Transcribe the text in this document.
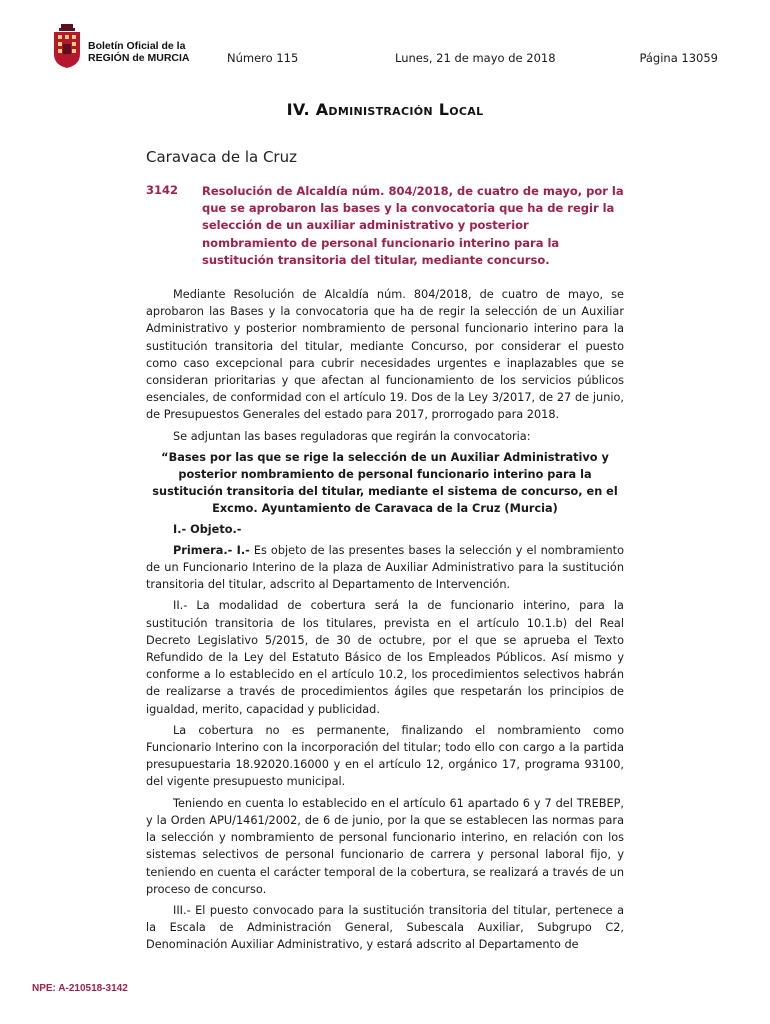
Boletín Oficial de la
REGIÓN de MURCIA	Número 115	Lunes, 21 de mayo de 2018	Página 13059
IV. Administración Local
Caravaca de la Cruz
3142 Resolución de Alcaldía núm. 804/2018, de cuatro de mayo, por la que se aprobaron las bases y la convocatoria que ha de regir la selección de un auxiliar administrativo y posterior nombramiento de personal funcionario interino para la sustitución transitoria del titular, mediante concurso.

Mediante Resolución de Alcaldía núm. 804/2018, de cuatro de mayo, se aprobaron las Bases y la convocatoria que ha de regir la selección de un Auxiliar Administrativo y posterior nombramiento de personal funcionario interino para la sustitución transitoria del titular, mediante Concurso, por considerar el puesto como caso excepcional para cubrir necesidades urgentes e inaplazables que se consideran prioritarias y que afectan al funcionamiento de los servicios públicos esenciales, de conformidad con el artículo 19. Dos de la Ley 3/2017, de 27 de junio, de Presupuestos Generales del estado para 2017, prorrogado para 2018.

Se adjuntan las bases reguladoras que regirán la convocatoria:

“Bases por las que se rige la selección de un Auxiliar Administrativo y posterior nombramiento de personal funcionario interino para la sustitución transitoria del titular, mediante el sistema de concurso, en el Excmo. Ayuntamiento de Caravaca de la Cruz (Murcia)

I.- Objeto.-

Primera.- I.- Es objeto de las presentes bases la selección y el nombramiento de un Funcionario Interino de la plaza de Auxiliar Administrativo para la sustitución transitoria del titular, adscrito al Departamento de Intervención.

II.- La modalidad de cobertura será la de funcionario interino, para la sustitución transitoria de los titulares, prevista en el artículo 10.1.b) del Real Decreto Legislativo 5/2015, de 30 de octubre, por el que se aprueba el Texto Refundido de la Ley del Estatuto Básico de los Empleados Públicos. Así mismo y conforme a lo establecido en el artículo 10.2, los procedimientos selectivos habrán de realizarse a través de procedimientos ágiles que respetarán los principios de igualdad, merito, capacidad y publicidad.

La cobertura no es permanente, finalizando el nombramiento como Funcionario Interino con la incorporación del titular; todo ello con cargo a la partida presupuestaria 18.92020.16000 y en el artículo 12, orgánico 17, programa 93100, del vigente presupuesto municipal.

Teniendo en cuenta lo establecido en el artículo 61 apartado 6 y 7 del TREBEP, y la Orden APU/1461/2002, de 6 de junio, por la que se establecen las normas para la selección y nombramiento de personal funcionario interino, en relación con los sistemas selectivos de personal funcionario de carrera y personal laboral fijo, y teniendo en cuenta el carácter temporal de la cobertura, se realizará a través de un proceso de concurso.

III.- El puesto convocado para la sustitución transitoria del titular, pertenece a la Escala de Administración General, Subescala Auxiliar, Subgrupo C2, Denominación Auxiliar Administrativo, y estará adscrito al Departamento de

NPE: A-210518-3142
